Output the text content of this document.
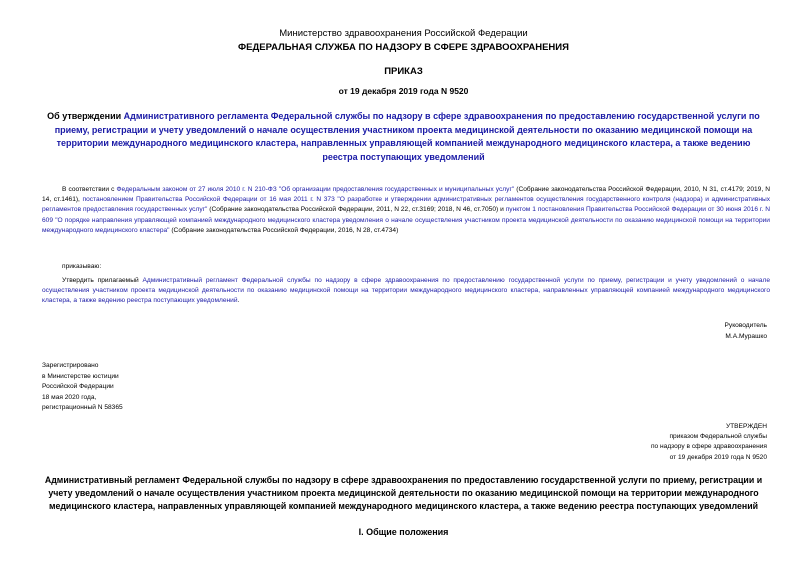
Министерство здравоохранения Российской Федерации
ФЕДЕРАЛЬНАЯ СЛУЖБА ПО НАДЗОРУ В СФЕРЕ ЗДРАВООХРАНЕНИЯ
ПРИКАЗ
от 19 декабря 2019 года N 9520
Об утверждении Административного регламента Федеральной службы по надзору в сфере здравоохранения по предоставлению государственной услуги по приему, регистрации и учету уведомлений о начале осуществления участником проекта медицинской деятельности по оказанию медицинской помощи на территории международного медицинского кластера, направленных управляющей компанией международного медицинского кластера, а также ведению реестра поступающих уведомлений
В соответствии с Федеральным законом от 27 июля 2010 г. N 210-ФЗ "Об организации предоставления государственных и муниципальных услуг" (Собрание законодательства Российской Федерации, 2010, N 31, ст.4179; 2019, N 14, ст.1461), постановлением Правительства Российской Федерации от 16 мая 2011 г. N 373 "О разработке и утверждении административных регламентов осуществления государственного контроля (надзора) и административных регламентов предоставления государственных услуг" (Собрание законодательства Российской Федерации, 2011, N 22, ст.3169; 2018, N 46, ст.7050) и пунктом 1 постановления Правительства Российской Федерации от 30 июня 2016 г. N 609 "О порядке направления управляющей компанией международного медицинского кластера уведомления о начале осуществления участником проекта медицинской деятельности по оказанию медицинской помощи на территории международного медицинского кластера" (Собрание законодательства Российской Федерации, 2016, N 28, ст.4734)
приказываю:
Утвердить прилагаемый Административный регламент Федеральной службы по надзору в сфере здравоохранения по предоставлению государственной услуги по приему, регистрации и учету уведомлений о начале осуществления участником проекта медицинской деятельности по оказанию медицинской помощи на территории международного медицинского кластера, направленных управляющей компанией международного медицинского кластера, а также ведению реестра поступающих уведомлений.
Руководитель
М.А.Мурашко
Зарегистрировано
в Министерстве юстиции
Российской Федерации
18 мая 2020 года,
регистрационный N 58365
УТВЕРЖДЕН
приказом Федеральной службы
по надзору в сфере здравоохранения
от 19 декабря 2019 года N 9520
Административный регламент Федеральной службы по надзору в сфере здравоохранения по предоставлению государственной услуги по приему, регистрации и учету уведомлений о начале осуществления участником проекта медицинской деятельности по оказанию медицинской помощи на территории международного медицинского кластера, направленных управляющей компанией международного медицинского кластера, а также ведению реестра поступающих уведомлений
I. Общие положения
